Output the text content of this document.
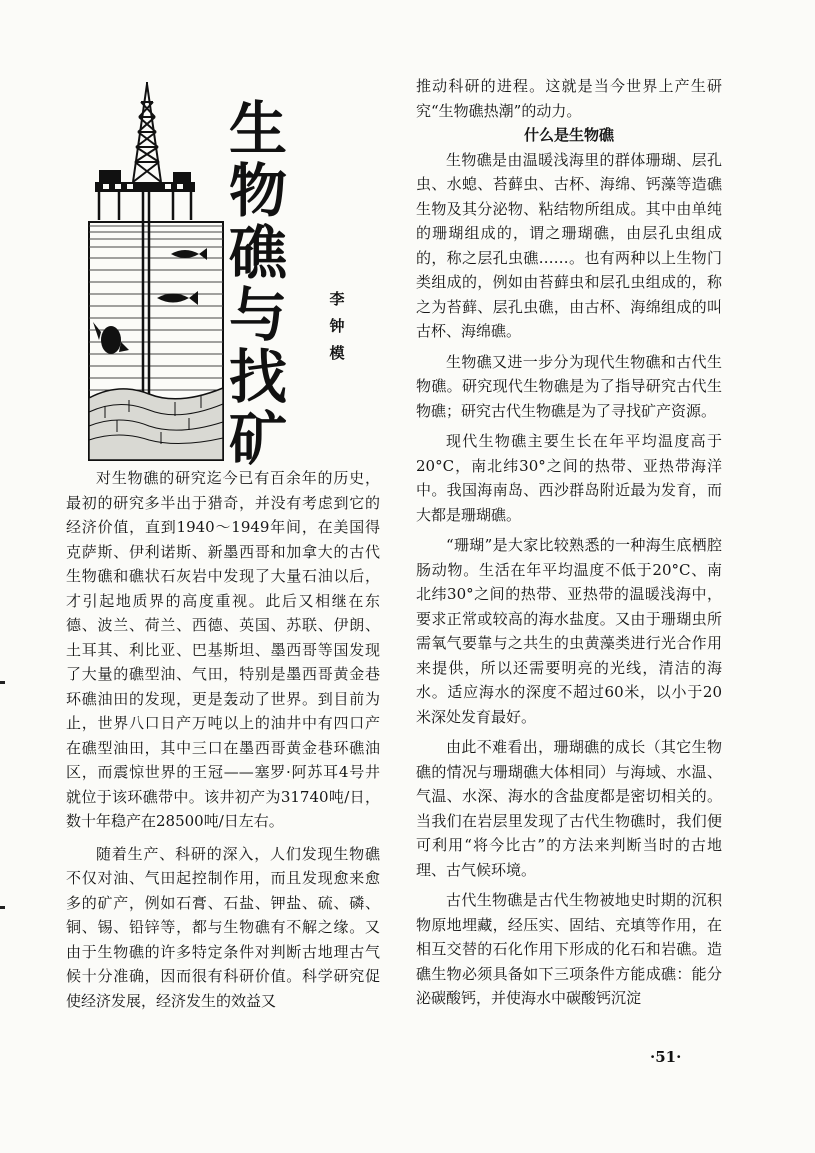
生
物
礁
与
找
矿
李
钟
模

对生物礁的研究迄今已有百余年的历史，最初的研究多半出于猎奇，并没有考虑到它的经济价值，直到1940～1949年间，在美国得克萨斯、伊利诺斯、新墨西哥和加拿大的古代生物礁和礁状石灰岩中发现了大量石油以后，才引起地质界的高度重视。此后又相继在东德、波兰、荷兰、西德、英国、苏联、伊朗、土耳其、利比亚、巴基斯坦、墨西哥等国发现了大量的礁型油、气田，特别是墨西哥黄金巷环礁油田的发现，更是轰动了世界。到目前为止，世界八口日产万吨以上的油井中有四口产在礁型油田，其中三口在墨西哥黄金巷环礁油区，而震惊世界的王冠——塞罗·阿苏耳4号井就位于该环礁带中。该井初产为31740吨/日，数十年稳产在28500吨/日左右。

随着生产、科研的深入，人们发现生物礁不仅对油、气田起控制作用，而且发现愈来愈多的矿产，例如石膏、石盐、钾盐、硫、磷、铜、锡、铅锌等，都与生物礁有不解之缘。又由于生物礁的许多特定条件对判断古地理古气候十分准确，因而很有科研价值。科学研究促使经济发展，经济发生的效益又

推动科研的进程。这就是当今世界上产生研究“生物礁热潮”的动力。

什么是生物礁

生物礁是由温暖浅海里的群体珊瑚、层孔虫、水螅、苔藓虫、古杯、海绵、钙藻等造礁生物及其分泌物、粘结物所组成。其中由单纯的珊瑚组成的，谓之珊瑚礁，由层孔虫组成的，称之层孔虫礁……。也有两种以上生物门类组成的，例如由苔藓虫和层孔虫组成的，称之为苔藓、层孔虫礁，由古杯、海绵组成的叫古杯、海绵礁。

生物礁又进一步分为现代生物礁和古代生物礁。研究现代生物礁是为了指导研究古代生物礁；研究古代生物礁是为了寻找矿产资源。

现代生物礁主要生长在年平均温度高于20°C，南北纬30°之间的热带、亚热带海洋中。我国海南岛、西沙群岛附近最为发育，而大都是珊瑚礁。

“珊瑚”是大家比较熟悉的一种海生底栖腔肠动物。生活在年平均温度不低于20°C、南北纬30°之间的热带、亚热带的温暖浅海中，要求正常或较高的海水盐度。又由于珊瑚虫所需氧气要靠与之共生的虫黄藻类进行光合作用来提供，所以还需要明亮的光线，清洁的海水。适应海水的深度不超过60米，以小于20米深处发育最好。

由此不难看出，珊瑚礁的成长（其它生物礁的情况与珊瑚礁大体相同）与海域、水温、气温、水深、海水的含盐度都是密切相关的。当我们在岩层里发现了古代生物礁时，我们便可利用“将今比古”的方法来判断当时的古地理、古气候环境。

古代生物礁是古代生物被地史时期的沉积物原地埋藏，经压实、固结、充填等作用，在相互交替的石化作用下形成的化石和岩礁。造礁生物必须具备如下三项条件方能成礁：能分泌碳酸钙，并使海水中碳酸钙沉淀

·51·
